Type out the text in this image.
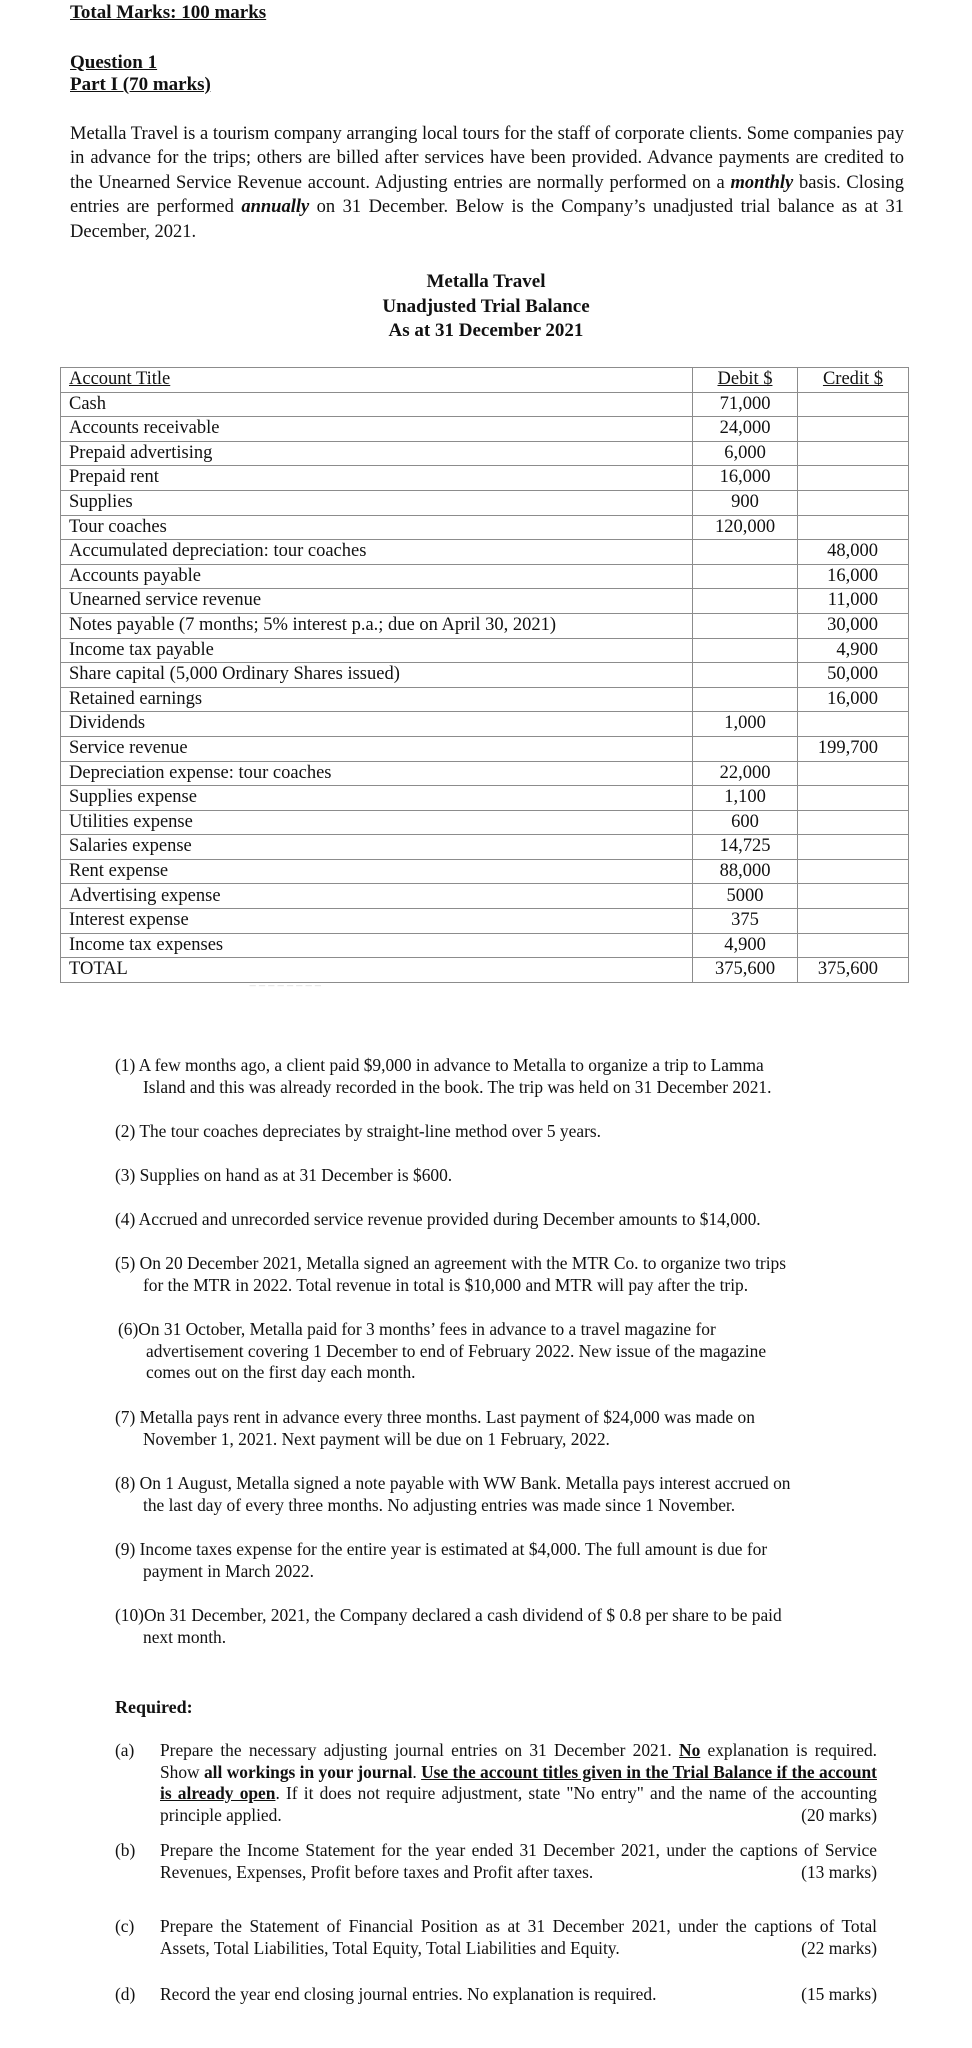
Total Marks: 100 marks
Question 1
Part I (70 marks)
Metalla Travel is a tourism company arranging local tours for the staff of corporate clients. Some companies pay in advance for the trips; others are billed after services have been provided. Advance payments are credited to the Unearned Service Revenue account. Adjusting entries are normally performed on a monthly basis. Closing entries are performed annually on 31 December. Below is the Company’s unadjusted trial balance as at 31 December, 2021.
Metalla Travel
Unadjusted Trial Balance
As at 31 December 2021
Account Title	Debit $	Credit $
Cash	71,000	
Accounts receivable	24,000	
Prepaid advertising	6,000	
Prepaid rent	16,000	
Supplies	900	
Tour coaches	120,000	
Accumulated depreciation: tour coaches		48,000
Accounts payable		16,000
Unearned service revenue		11,000
Notes payable (7 months; 5% interest p.a.; due on April 30, 2021)		30,000
Income tax payable		4,900
Share capital (5,000 Ordinary Shares issued)		50,000
Retained earnings		16,000
Dividends	1,000	
Service revenue		199,700
Depreciation expense: tour coaches	22,000	
Supplies expense	1,100	
Utilities expense	600	
Salaries expense	14,725	
Rent expense	88,000	
Advertising expense	5000	
Interest expense	375	
Income tax expenses	4,900	
TOTAL	375,600	375,600
‾ ‾ ‾ ‾ ‾ ‾ ‾ ‾
(1) A few months ago, a client paid $9,000 in advance to Metalla to organize a trip to Lamma
Island and this was already recorded in the book. The trip was held on 31 December 2021.
(2) The tour coaches depreciates by straight-line method over 5 years.
(3) Supplies on hand as at 31 December is $600.
(4) Accrued and unrecorded service revenue provided during December amounts to $14,000.
(5) On 20 December 2021, Metalla signed an agreement with the MTR Co. to organize two trips
for the MTR in 2022. Total revenue in total is $10,000 and MTR will pay after the trip.
(6)On 31 October, Metalla paid for 3 months’ fees in advance to a travel magazine for
advertisement covering 1 December to end of February 2022. New issue of the magazine
comes out on the first day each month.
(7) Metalla pays rent in advance every three months. Last payment of $24,000 was made on
November 1, 2021. Next payment will be due on 1 February, 2022.
(8) On 1 August, Metalla signed a note payable with WW Bank. Metalla pays interest accrued on
the last day of every three months. No adjusting entries was made since 1 November.
(9) Income taxes expense for the entire year is estimated at $4,000. The full amount is due for
payment in March 2022.
(10)On 31 December, 2021, the Company declared a cash dividend of $ 0.8 per share to be paid
next month.
Required:
(a) Prepare the necessary adjusting journal entries on 31 December 2021. No explanation is required. Show all workings in your journal. Use the account titles given in the Trial Balance if the account is already open. If it does not require adjustment, state "No entry" and the name of the accounting principle applied.	(20 marks)
(b) Prepare the Income Statement for the year ended 31 December 2021, under the captions of Service Revenues, Expenses, Profit before taxes and Profit after taxes.	(13 marks)
(c) Prepare the Statement of Financial Position as at 31 December 2021, under the captions of Total Assets, Total Liabilities, Total Equity, Total Liabilities and Equity.	(22 marks)
(d) Record the year end closing journal entries. No explanation is required.	(15 marks)
